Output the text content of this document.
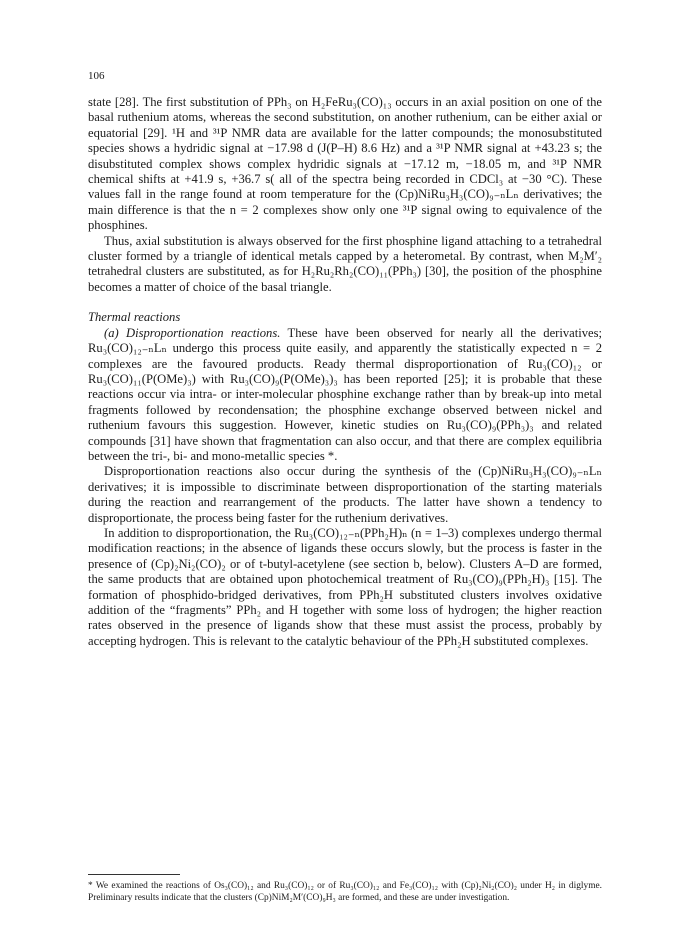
106

state [28]. The first substitution of PPh₃ on H₂FeRu₃(CO)₁₃ occurs in an axial position on one of the basal ruthenium atoms, whereas the second substitution, on another ruthenium, can be either axial or equatorial [29]. ¹H and ³¹P NMR data are available for the latter compounds; the monosubstituted species shows a hydridic signal at −17.98 d (J(P–H) 8.6 Hz) and a ³¹P NMR signal at +43.23 s; the disubstituted complex shows complex hydridic signals at −17.12 m, −18.05 m, and ³¹P NMR chemical shifts at +41.9 s, +36.7 s( all of the spectra being recorded in CDCl₃ at −30 °C). These values fall in the range found at room temperature for the (Cp)NiRu₃H₃(CO)₉₋ₙLₙ derivatives; the main difference is that the n = 2 complexes show only one ³¹P signal owing to equivalence of the phosphines.

Thus, axial substitution is always observed for the first phosphine ligand attaching to a tetrahedral cluster formed by a triangle of identical metals capped by a heterometal. By contrast, when M₂M′₂ tetrahedral clusters are substituted, as for H₂Ru₂Rh₂(CO)₁₁(PPh₃) [30], the position of the phosphine becomes a matter of choice of the basal triangle.

Thermal reactions

(a) Disproportionation reactions. These have been observed for nearly all the derivatives; Ru₃(CO)₁₂₋ₙLₙ undergo this process quite easily, and apparently the statistically expected n = 2 complexes are the favoured products. Ready thermal disproportionation of Ru₃(CO)₁₂ or Ru₃(CO)₁₁(P(OMe)₃) with Ru₃(CO)₉(P(OMe)₃)₃ has been reported [25]; it is probable that these reactions occur via intra- or inter-molecular phosphine exchange rather than by break-up into metal fragments followed by recondensation; the phosphine exchange observed between nickel and ruthenium favours this suggestion. However, kinetic studies on Ru₃(CO)₉(PPh₃)₃ and related compounds [31] have shown that fragmentation can also occur, and that there are complex equilibria between the tri-, bi- and mono-metallic species *.

Disproportionation reactions also occur during the synthesis of the (Cp)NiRu₃H₃(CO)₉₋ₙLₙ derivatives; it is impossible to discriminate between disproportionation of the starting materials during the reaction and rearrangement of the products. The latter have shown a tendency to disproportionate, the process being faster for the ruthenium derivatives.

In addition to disproportionation, the Ru₃(CO)₁₂₋ₙ(PPh₂H)ₙ (n = 1–3) complexes undergo thermal modification reactions; in the absence of ligands these occurs slowly, but the process is faster in the presence of (Cp)₂Ni₂(CO)₂ or of t-butyl-acetylene (see section b, below). Clusters A–D are formed, the same products that are obtained upon photochemical treatment of Ru₃(CO)₉(PPh₂H)₃ [15]. The formation of phosphido-bridged derivatives, from PPh₂H substituted clusters involves oxidative addition of the “fragments” PPh₂ and H together with some loss of hydrogen; the higher reaction rates observed in the presence of ligands show that these must assist the process, probably by accepting hydrogen. This is relevant to the catalytic behaviour of the PPh₂H substituted complexes.

* We examined the reactions of Os₃(CO)₁₂ and Ru₃(CO)₁₂ or of Ru₃(CO)₁₂ and Fe₃(CO)₁₂ with (Cp)₂Ni₂(CO)₂ under H₂ in diglyme. Preliminary results indicate that the clusters (Cp)NiM₂M′(CO)₉H₃ are formed, and these are under investigation.
